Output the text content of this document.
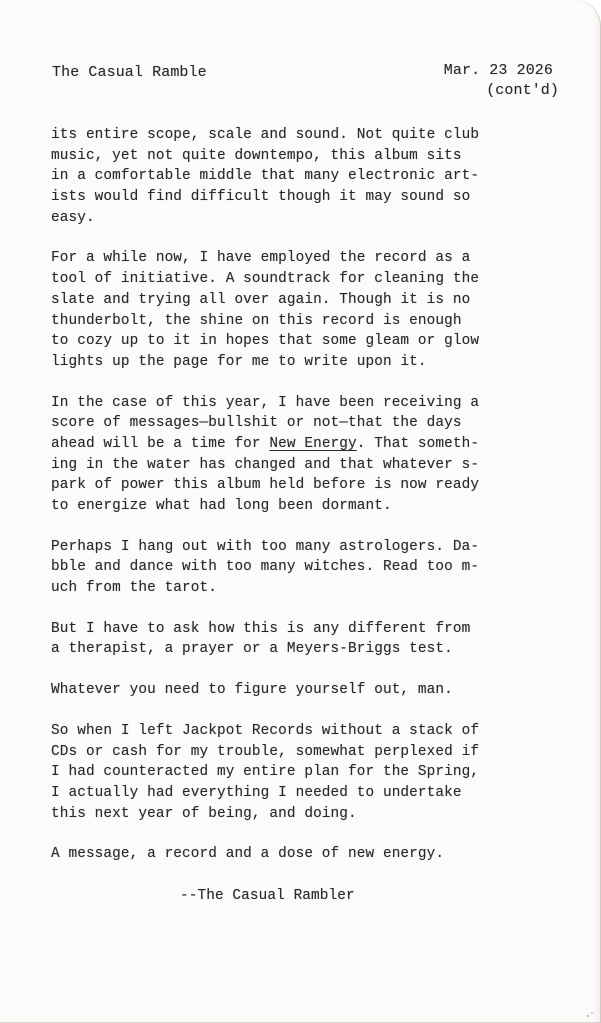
The Casual Ramble	Mar. 23 2026
(cont'd)
its entire scope, scale and sound. Not quite club
music, yet not quite downtempo, this album sits
in a comfortable middle that many electronic art-
ists would find difficult though it may sound so
easy.
For a while now, I have employed the record as a
tool of initiative. A soundtrack for cleaning the
slate and trying all over again. Though it is no
thunderbolt, the shine on this record is enough
to cozy up to it in hopes that some gleam or glow
lights up the page for me to write upon it.
In the case of this year, I have been receiving a
score of messages—bullshit or not—that the days
ahead will be a time for New Energy. That someth-
ing in the water has changed and that whatever s-
park of power this album held before is now ready
to energize what had long been dormant.
Perhaps I hang out with too many astrologers. Da-
bble and dance with too many witches. Read too m-
uch from the tarot.
But I have to ask how this is any different from
a therapist, a prayer or a Meyers-Briggs test.
Whatever you need to figure yourself out, man.
So when I left Jackpot Records without a stack of
CDs or cash for my trouble, somewhat perplexed if
I had counteracted my entire plan for the Spring,
I actually had everything I needed to undertake
this next year of being, and doing.
A message, a record and a dose of new energy.
--The Casual Rambler
